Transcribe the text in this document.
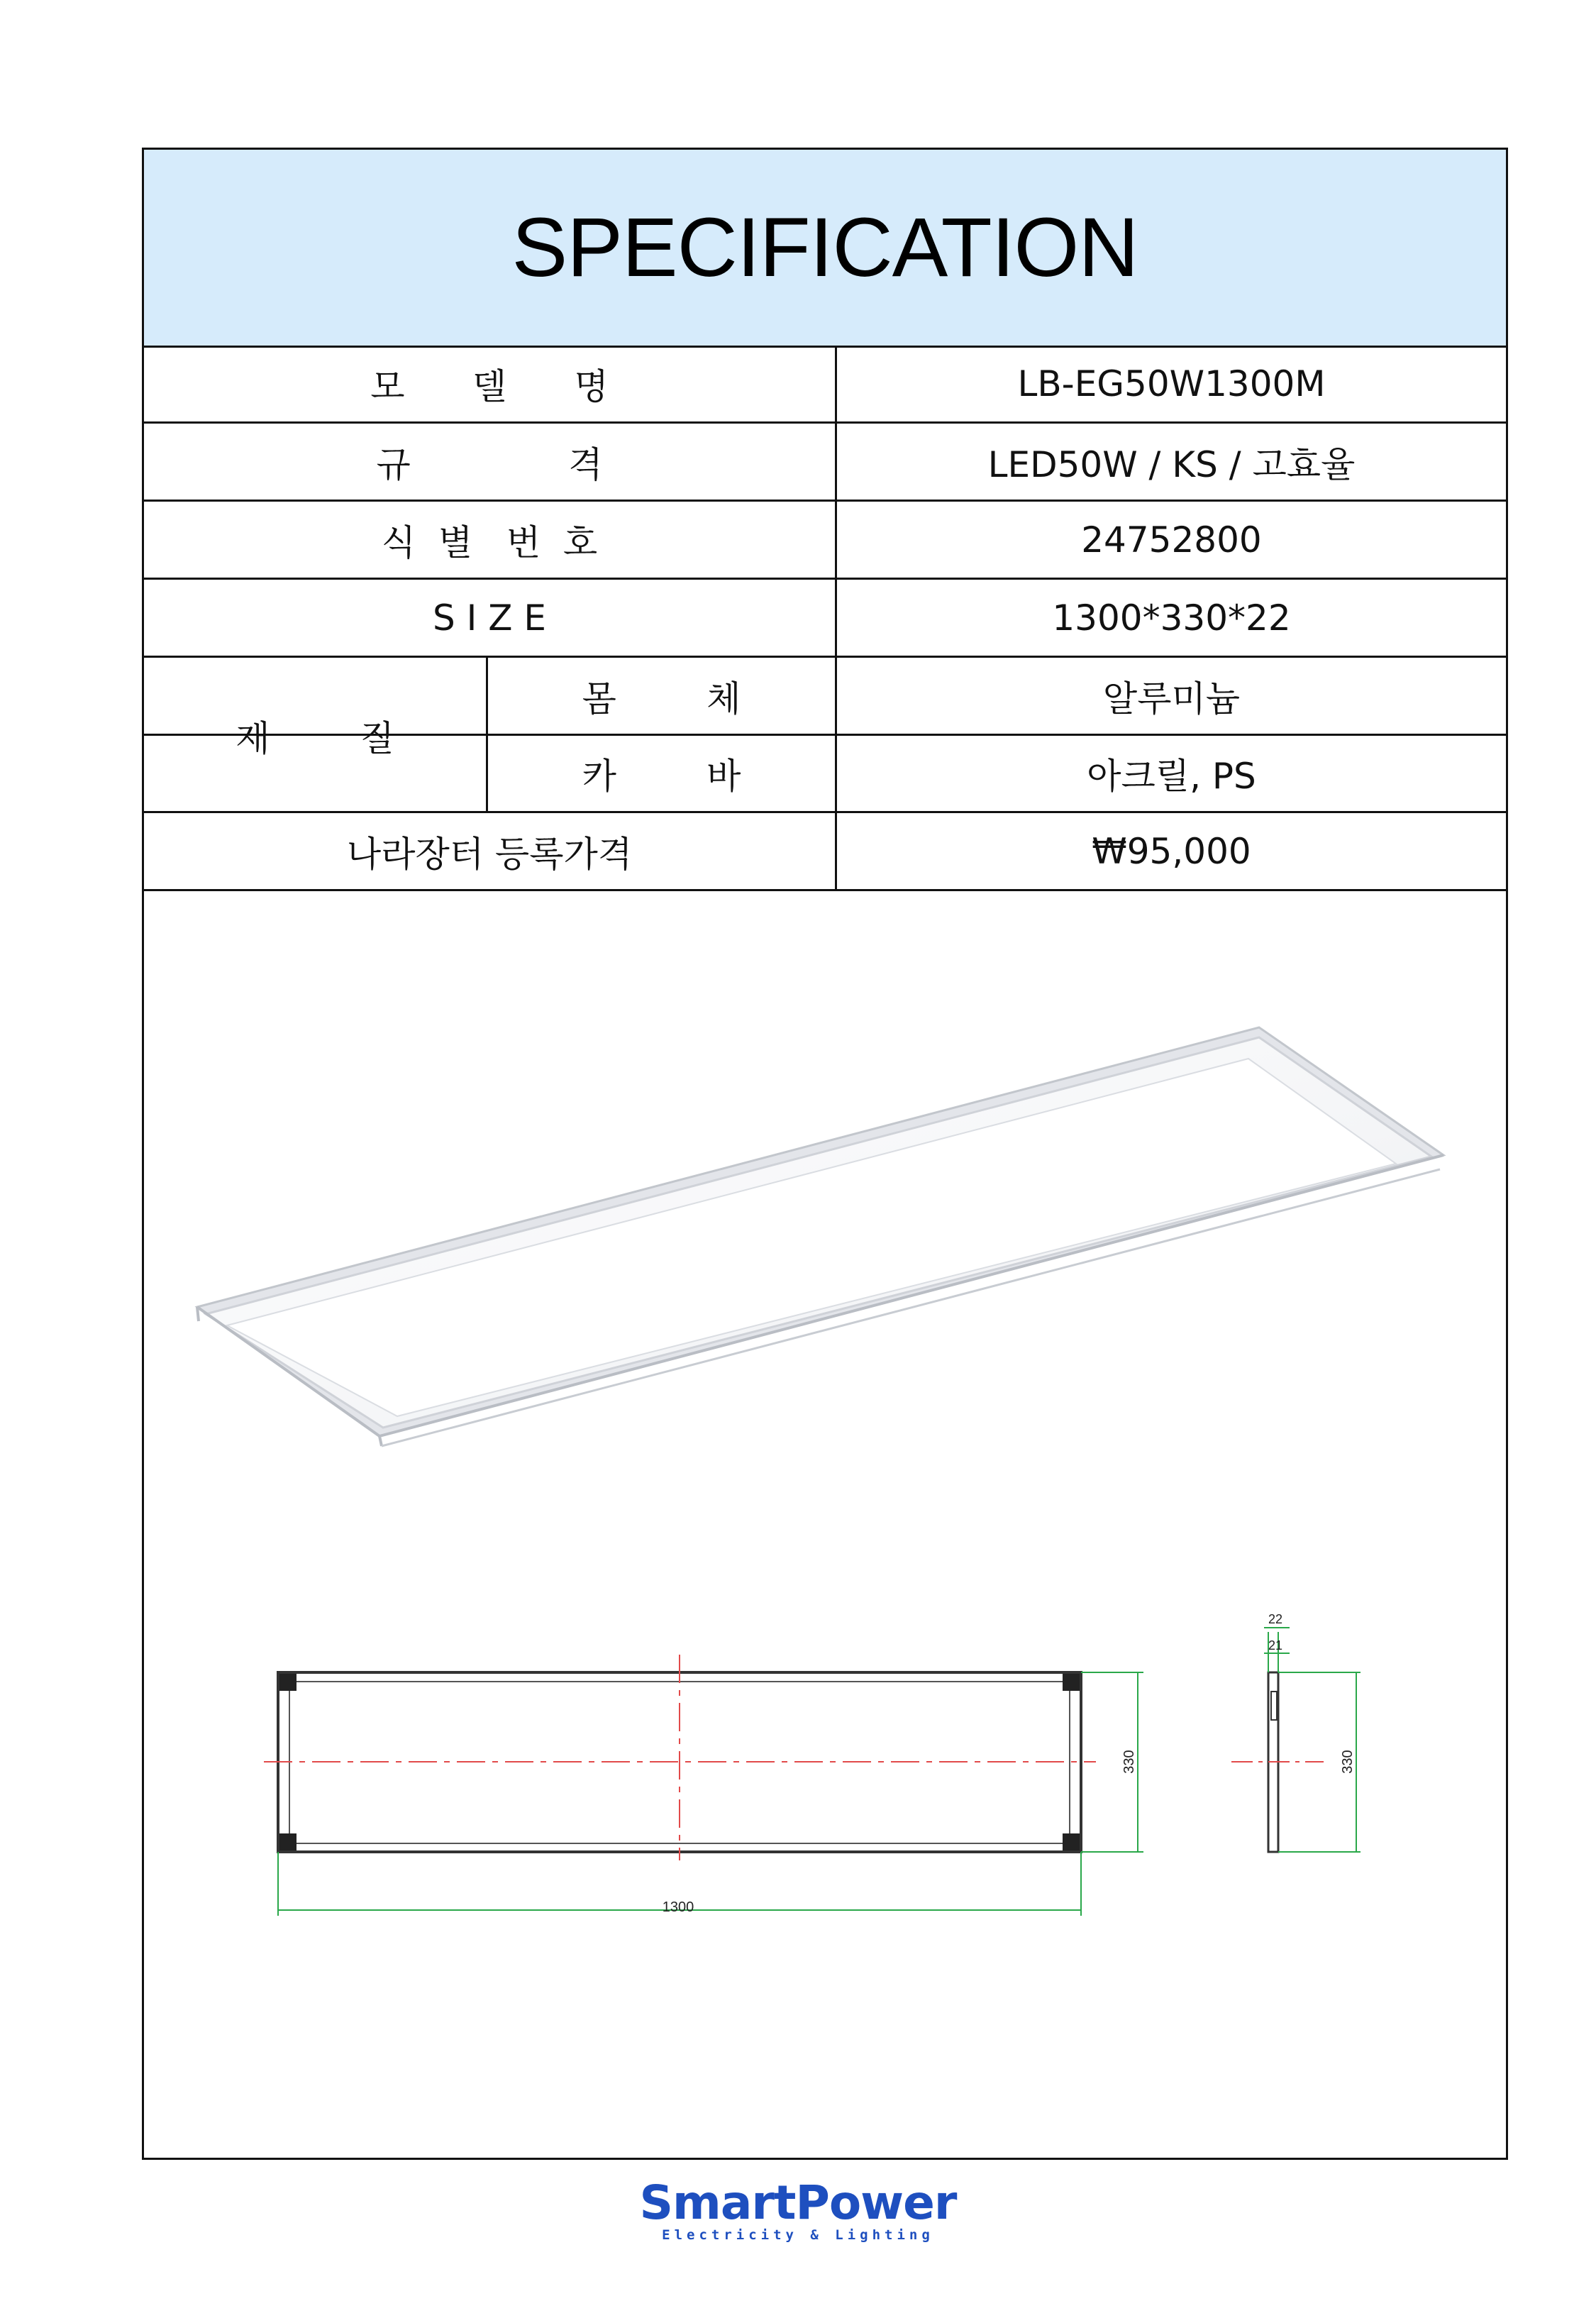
SPECIFICATION
모      델      명	LB-EG50W1300M
규              격	LED50W / KS / 고효율
식  별   번  호	24752800
S I Z E	1300*330*22
재        질
몸        체	알루미늄
카        바	아크릴, PS
나라장터 등록가격	₩95,000
1300
330
22
21
330
SmartPower
Electricity & Lighting
